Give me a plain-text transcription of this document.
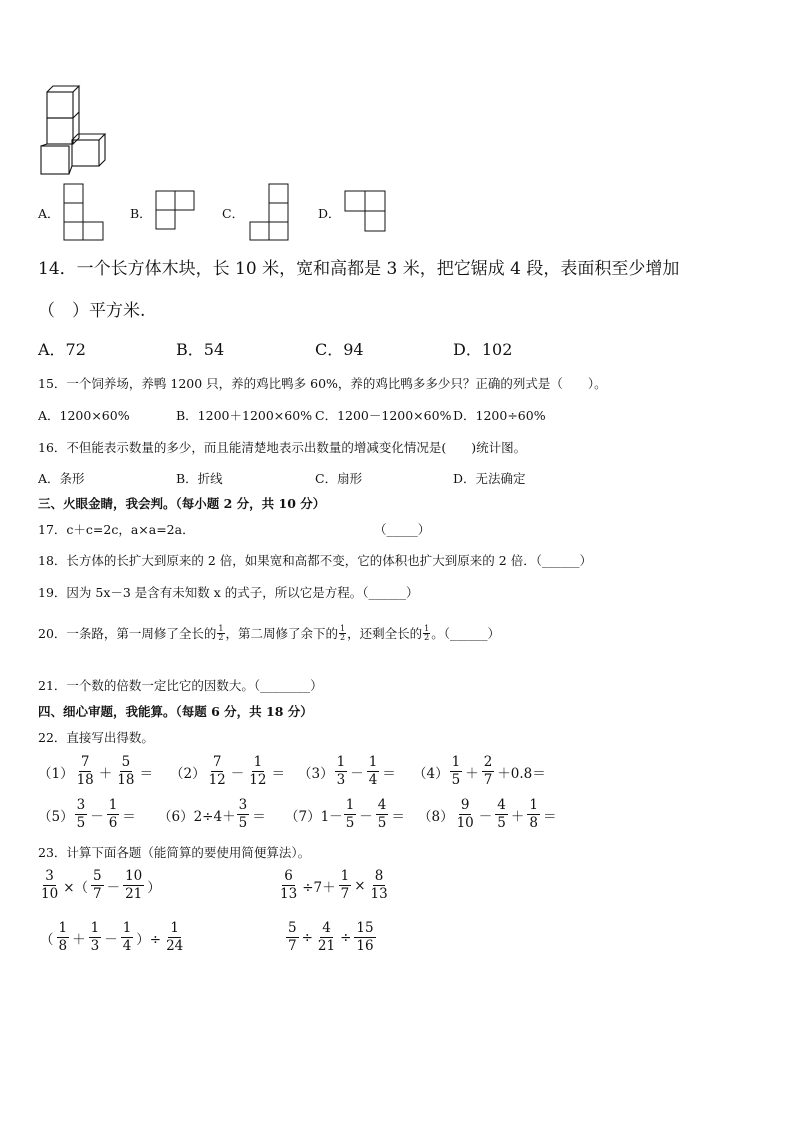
A．	B．	C．	D．
14．一个长方体木块，长 10 米，宽和高都是 3 米，把它锯成 4 段，表面积至少增加
（　）平方米.
A．72	B．54	C．94	D．102
15．一个饲养场，养鸭 1200 只，养的鸡比鸭多 60%，养的鸡比鸭多多少只？正确的列式是（　　）。
A．1200×60%	B．1200＋1200×60% C．1200－1200×60% D．1200÷60%
16．不但能表示数量的多少，而且能清楚地表示出数量的增减变化情况是(　　)统计图。
A．条形	B．折线	C．扇形	D．无法确定
三、火眼金睛，我会判。（每小题 2 分，共 10 分）
17．c＋c=2c，a×a=2a．	（_____）
18．长方体的长扩大到原来的 2 倍，如果宽和高都不变，它的体积也扩大到原来的 2 倍．（______）
19．因为 5x－3 是含有未知数 x 的式子，所以它是方程。（______）
20．一条路，第一周修了全长的 $\frac{1}{2}$ ，第二周修了余下的 $\frac{1}{2}$ ，还剩全长的 $\frac{1}{2}$ 。（______）
21．一个数的倍数一定比它的因数大。（________）
四、细心审题，我能算。（每题 6 分，共 18 分）
22．直接写出得数。
$(1) \frac{7}{18} + \frac{5}{18} = (2) \frac{7}{12} - \frac{1}{12} = (3) \frac{1}{3} - \frac{1}{4} = (4) \frac{1}{5} + \frac{2}{7} +0.8=$
$(5) \frac{3}{5} - \frac{1}{6} = (6)$ $2\div 4+ \frac{3}{5} = (7)$ $1- \frac{1}{5} - \frac{4}{5} = (8) \frac{9}{10} - \frac{4}{5} + \frac{1}{8}$ ＝
23．计算下面各题（能简算的要使用简便算法）。
$\frac{3}{10}$ ×（ $\frac{5}{7} - \frac{10}{21}$ ）	$\frac{6}{13} \div 7+ \frac{1}{7} \times \frac{8}{13}$
（ $\frac{1}{8} + \frac{1}{3} - \frac{1}{4}$ ）÷ $\frac{1}{24}$	$\frac{5}{7} \div \frac{4}{21} \div \frac{15}{16}$
